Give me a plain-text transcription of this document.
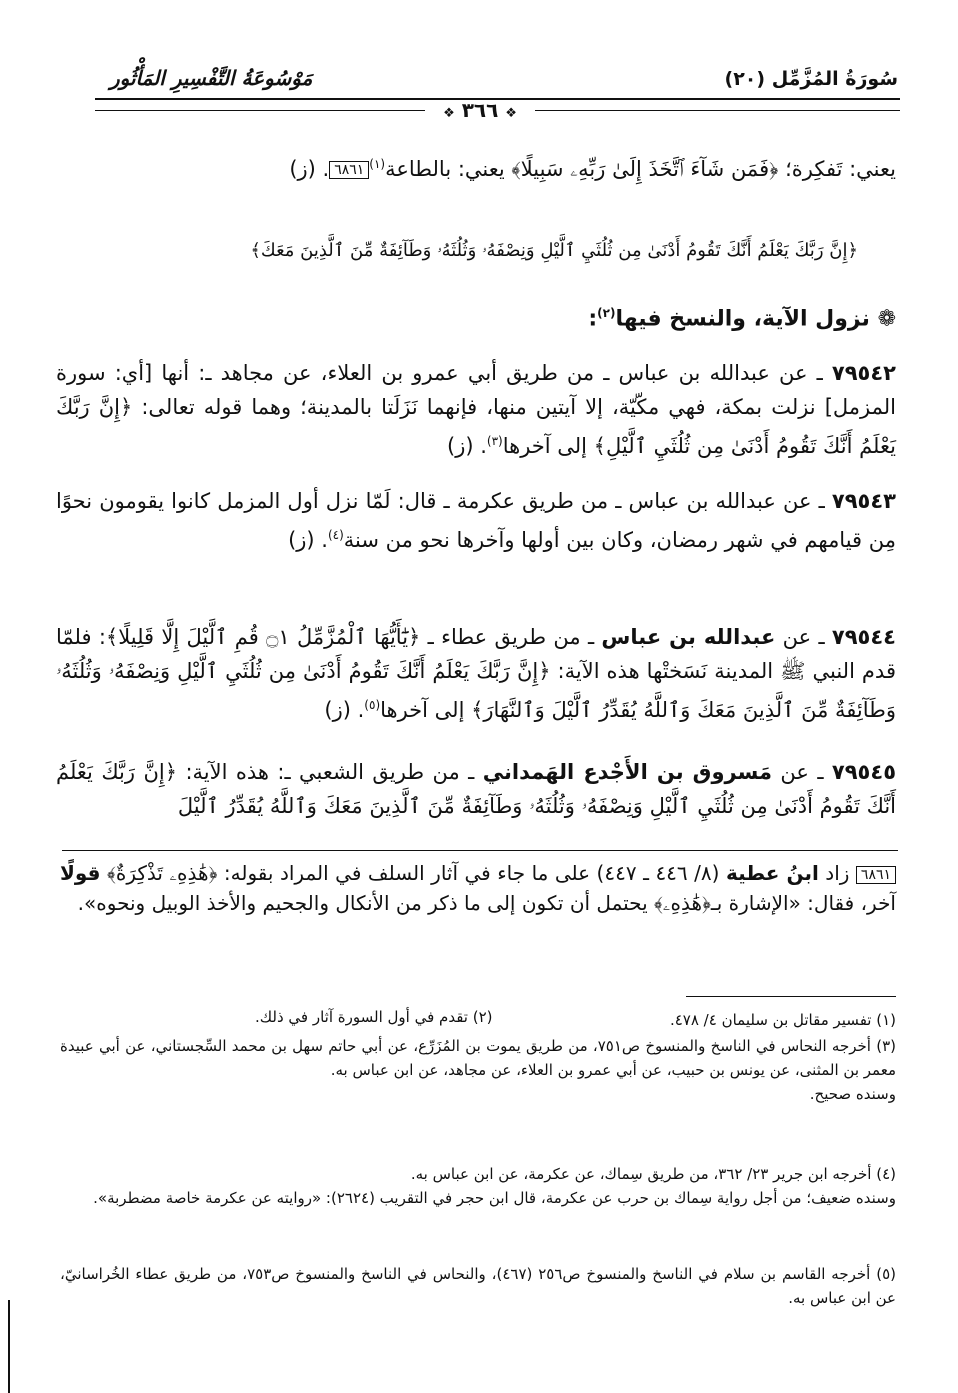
سُورَةُ المُزَّمِّل (٢٠)
مَوْسُوعَةُ التَّفْسِيرِ المَأْثُور
❖ ٣٦٦ ❖
يعني: تَفكِرة؛ ﴿فَمَن شَآءَ ٱتَّخَذَ إِلَىٰ رَبِّهِۦ سَبِيلًا﴾ يعني: بالطاعة$^{(١)}$٦٨٦١. (ز)
﴿إِنَّ رَبَّكَ يَعْلَمُ أَنَّكَ تَقُومُ أَدْنَىٰ مِن ثُلُثَيِ ٱلَّيْلِ وَنِصْفَهُۥ وَثُلُثَهُۥ وَطَآئِفَةٌ مِّنَ ٱلَّذِينَ مَعَكَ﴾
❁ نزول الآية، والنسخ فيها$^{(٢)}$:
٧٩٥٤٢ ـ عن عبدالله بن عباس ـ من طريق أبي عمرو بن العلاء، عن مجاهد ـ: أنها [أي: سورة المزمل] نزلت بمكة، فهي مكّيّة، إلا آيتين منها، فإنهما نَزَلَتا بالمدينة؛ وهما قوله تعالى: ﴿إِنَّ رَبَّكَ يَعْلَمُ أَنَّكَ تَقُومُ أَدْنَىٰ مِن ثُلُثَيِ ٱلَّيْلِ﴾ إلى آخرها$^{(٣)}$. (ز)
٧٩٥٤٣ ـ عن عبدالله بن عباس ـ من طريق عكرمة ـ قال: لَمّا نزل أول المزمل كانوا يقومون نحوًا مِن قيامهم في شهر رمضان، وكان بين أولها وآخرها نحو من سنة$^{(٤)}$. (ز)
٧٩٥٤٤ ـ عن عبدالله بن عباس ـ من طريق عطاء ـ ﴿يَٰٓأَيُّهَا ٱلْمُزَّمِّلُ ۝١ قُمِ ٱلَّيْلَ إِلَّا قَلِيلًا﴾: فلمّا قدم النبي ﷺ المدينة نَسَختْها هذه الآية: ﴿إِنَّ رَبَّكَ يَعْلَمُ أَنَّكَ تَقُومُ أَدْنَىٰ مِن ثُلُثَيِ ٱلَّيْلِ وَنِصْفَهُۥ وَثُلُثَهُۥ وَطَآئِفَةٌ مِّنَ ٱلَّذِينَ مَعَكَ وَٱللَّهُ يُقَدِّرُ ٱلَّيْلَ وَٱلنَّهَارَ﴾ إلى آخرها$^{(٥)}$. (ز)
٧٩٥٤٥ ـ عن مَسروق بن الأَجْدع الهَمداني ـ من طريق الشعبي ـ: هذه الآية: ﴿إِنَّ رَبَّكَ يَعْلَمُ أَنَّكَ تَقُومُ أَدْنَىٰ مِن ثُلُثَيِ ٱلَّيْلِ وَنِصْفَهُۥ وَثُلُثَهُۥ وَطَآئِفَةٌ مِّنَ ٱلَّذِينَ مَعَكَ وَٱللَّهُ يُقَدِّرُ ٱلَّيْلَ
٦٨٦١ زاد ابنُ عطية (٨/ ٤٤٦ ـ ٤٤٧) على ما جاء في آثار السلف في المراد بقوله: ﴿هَٰذِهِۦ تَذْكِرَةٌ﴾ قولًا آخر، فقال: «الإشارة بـ﴿هَٰذِهِۦ﴾ يحتمل أن تكون إلى ما ذكر من الأنكال والجحيم والأخذ الوبيل ونحوه».
(١) تفسير مقاتل بن سليمان ٤/ ٤٧٨.
(٢) تقدم في أول السورة آثار في ذلك.
(٣) أخرجه النحاس في الناسخ والمنسوخ ص٧٥١، من طريق يموت بن المُزَرِّع، عن أبي حاتم سهل بن محمد السِّجستاني، عن أبي عبيدة معمر بن المثنى، عن يونس بن حبيب، عن أبي عمرو بن العلاء، عن مجاهد، عن ابن عباس به.
وسنده صحيح.
(٤) أخرجه ابن جرير ٢٣/ ٣٦٢، من طريق سِماك، عن عكرمة، عن ابن عباس به.
وسنده ضعيف؛ من أجل رواية سِماك بن حرب عن عكرمة، قال ابن حجر في التقريب (٢٦٢٤): «روايته عن عكرمة خاصة مضطربة».
(٥) أخرجه القاسم بن سلام في الناسخ والمنسوخ ص٢٥٦ (٤٦٧)، والنحاس في الناسخ والمنسوخ ص٧٥٣، من طريق عطاء الخُراسانيّ، عن ابن عباس به.
